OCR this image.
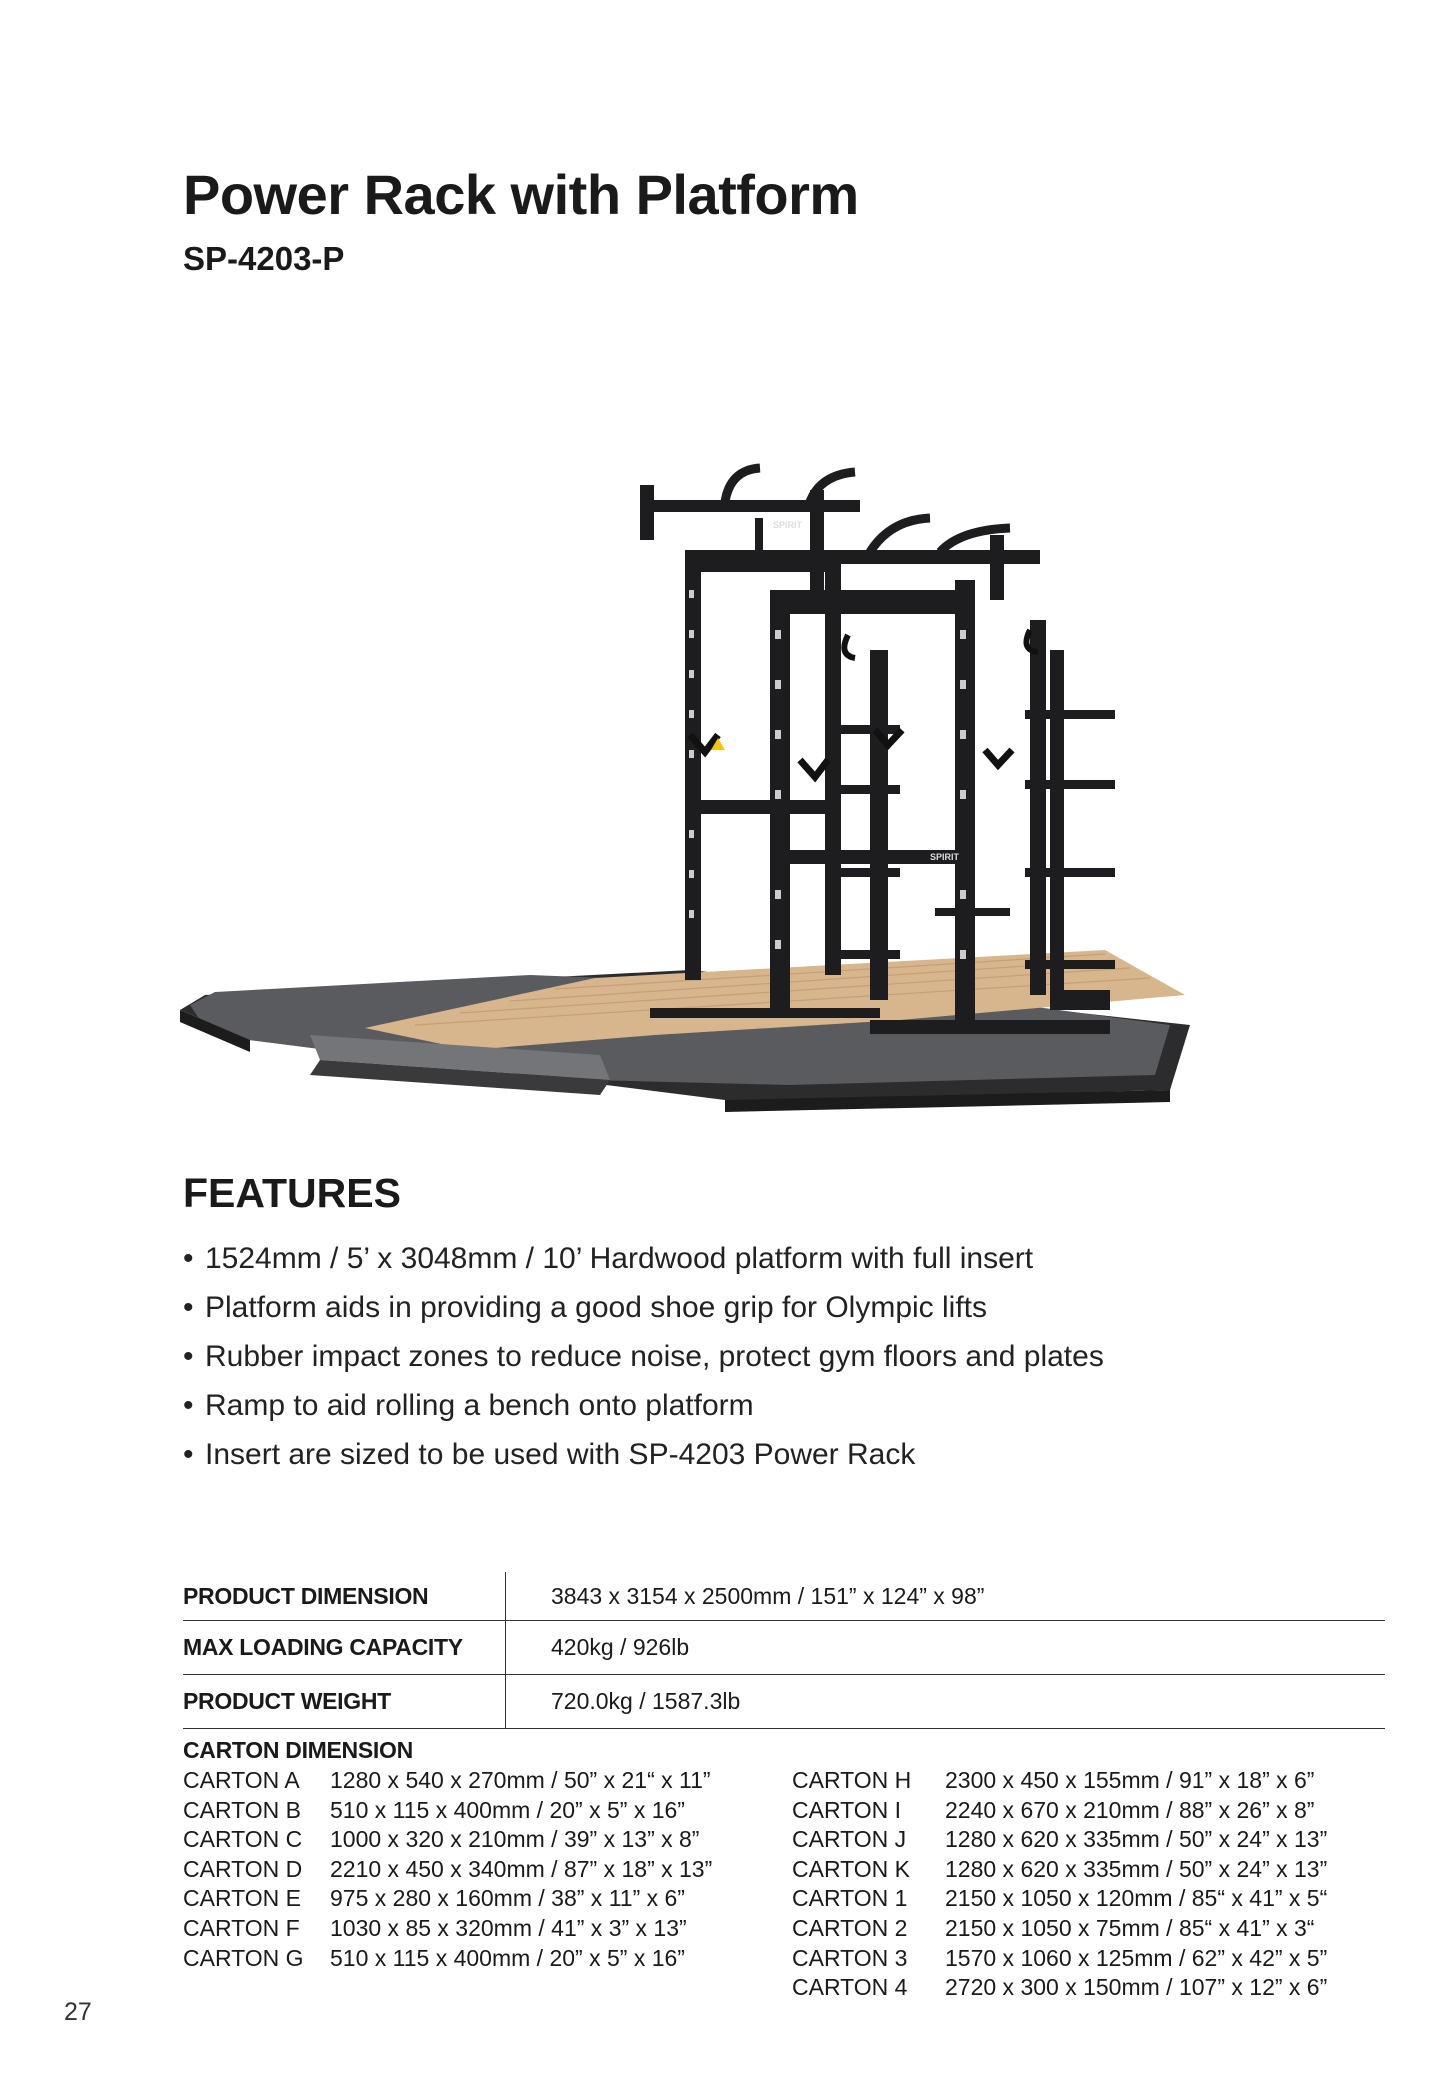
Power Rack with Platform
SP-4203-P
SPIRIT
SPIRIT
FEATURES
• 1524mm / 5’ x 3048mm / 10’ Hardwood platform with full insert
• Platform aids in providing a good shoe grip for Olympic lifts
• Rubber impact zones to reduce noise, protect gym floors and plates
• Ramp to aid rolling a bench onto platform
• Insert are sized to be used with SP-4203 Power Rack
PRODUCT DIMENSION	3843 x 3154 x 2500mm / 151” x 124” x 98”
MAX LOADING CAPACITY	420kg / 926lb
PRODUCT WEIGHT	720.0kg / 1587.3lb
CARTON DIMENSION
CARTON A	1280 x 540 x 270mm / 50” x 21“ x 11”
CARTON B	510 x 115 x 400mm / 20” x 5” x 16”
CARTON C	1000 x 320 x 210mm / 39” x 13” x 8”
CARTON D	2210 x 450 x 340mm / 87” x 18” x 13”
CARTON E	975 x 280 x 160mm / 38” x 11” x 6”
CARTON F	1030 x 85 x 320mm / 41” x 3” x 13”
CARTON G	510 x 115 x 400mm / 20” x 5” x 16”
CARTON H	2300 x 450 x 155mm / 91” x 18” x 6”
CARTON I	2240 x 670 x 210mm / 88” x 26” x 8”
CARTON J	1280 x 620 x 335mm / 50” x 24” x 13”
CARTON K	1280 x 620 x 335mm / 50” x 24” x 13”
CARTON 1	2150 x 1050 x 120mm / 85“ x 41” x 5“
CARTON 2	2150 x 1050 x 75mm / 85“ x 41” x 3“
CARTON 3	1570 x 1060 x 125mm / 62” x 42” x 5”
CARTON 4	2720 x 300 x 150mm / 107” x 12” x 6”
27
